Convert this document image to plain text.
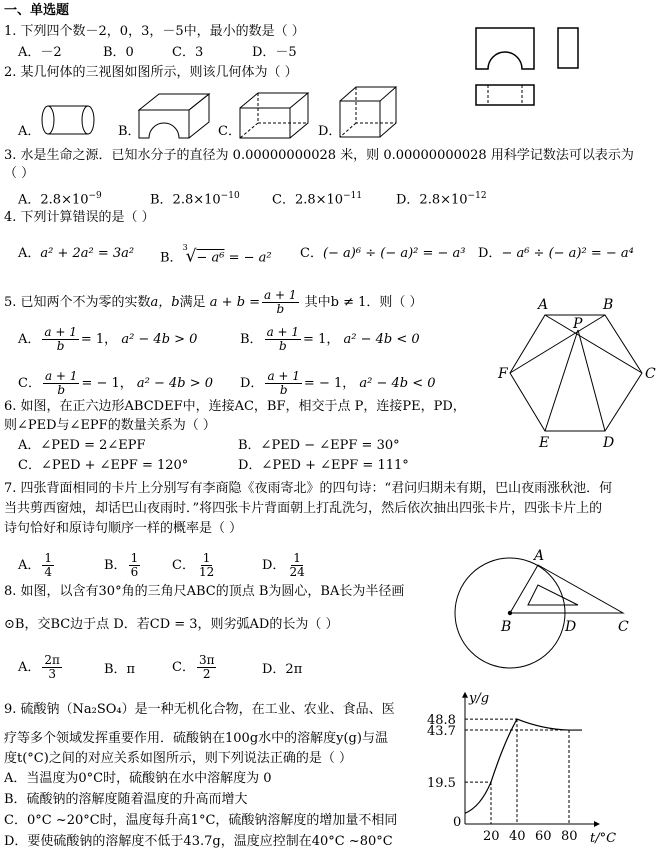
一、单选题
1. 下列四个数－2，0，3，－5中，最小的数是（ ）
A．－2	B．0	C．3	D．－5
2. 某几何体的三视图如图所示，则该几何体为（ ）
A．	B．	C．	D．
3. 水是生命之源．已知水分子的直径为 0.00000000028 米，则 0.00000000028 用科学记数法可以表示为
（ ）
A．$2.8\times 10^{-9}$	B．$2.8\times 10^{-10}$ C．$2.8\times 10^{-11}$	D．$2.8\times 10^{-12}$
4. 下列计算错误的是（ ）
A．a² + 2a² = 3a² B．$^3$√− a⁶ = − a² C．(− a)⁶ ÷ (− a)² = − a³ D．− a⁶ ÷ (− a)² = − a⁴
5. 已知两个不为零的实数a，b满足 $a + b = \frac{a + 1}{b}$ 其中b ≠ 1．则（ ）
A． $\frac{a + 1}{b} = 1$， a² − 4b > 0	B． $\frac{a + 1}{b} = 1$， a² − 4b < 0
C． $\frac{a + 1}{b}$ = − 1， a² − 4b > 0 D． $\frac{a + 1}{b}$ = − 1， a² − 4b < 0
A	B
C
D
E
F
P
6. 如图，在正六边形ABCDEF中，连接AC，BF，相交于点 P，连接PE，PD，
则∠PED与∠EPF的数量关系为（ ）
A．∠PED = 2∠EPF	B．∠PED − ∠EPF = 30°
C．∠PED + ∠EPF = 120°	D．∠PED + ∠EPF = 111°
7. 四张背面相同的卡片上分别写有李商隐《夜雨寄北》的四句诗：“君问归期未有期，巴山夜雨涨秋池．何
当共剪西窗烛，却话巴山夜雨时．”将四张卡片背面朝上打乱洗匀，然后依次抽出四张卡片，四张卡片上的
诗句恰好和原诗句顺序一样的概率是（ ）
A． $\frac{1}{4}$	B． $\frac{1}{6}$ C． $\frac{1}{12}$	D． $\frac{1}{24}$	A
B	D	C
8. 如图，以含有30°角的三角尺ABC的顶点 B为圆心，BA长为半径画
⊙B，交BC边于点 D．若CD = 3，则劣弧AD的长为（ ）
A． $\frac{2\pi}{3}$	B．π	C． $\frac{3\pi}{2}$	D．2π
9. 硫酸钠（Na₂SO₄）是一种无机化合物，在工业、农业、食品、医
疗等多个领域发挥重要作用．硫酸钠在100g水中的溶解度y(g)与温
度t(°C)之间的对应关系如图所示，则下列说法正确的是（ ）
A．当温度为0°C时，硫酸钠在水中溶解度为 0
B．硫酸钠的溶解度随着温度的升高而增大
C．0°C ~20°C时，温度每升高1°C，硫酸钠溶解度的增加量不相同
D．要使硫酸钠的溶解度不低于43.7g，温度应控制在40°C ~80°C	t/°C
y/g
0
20 40 60 80
19.5
43.7
48.8
